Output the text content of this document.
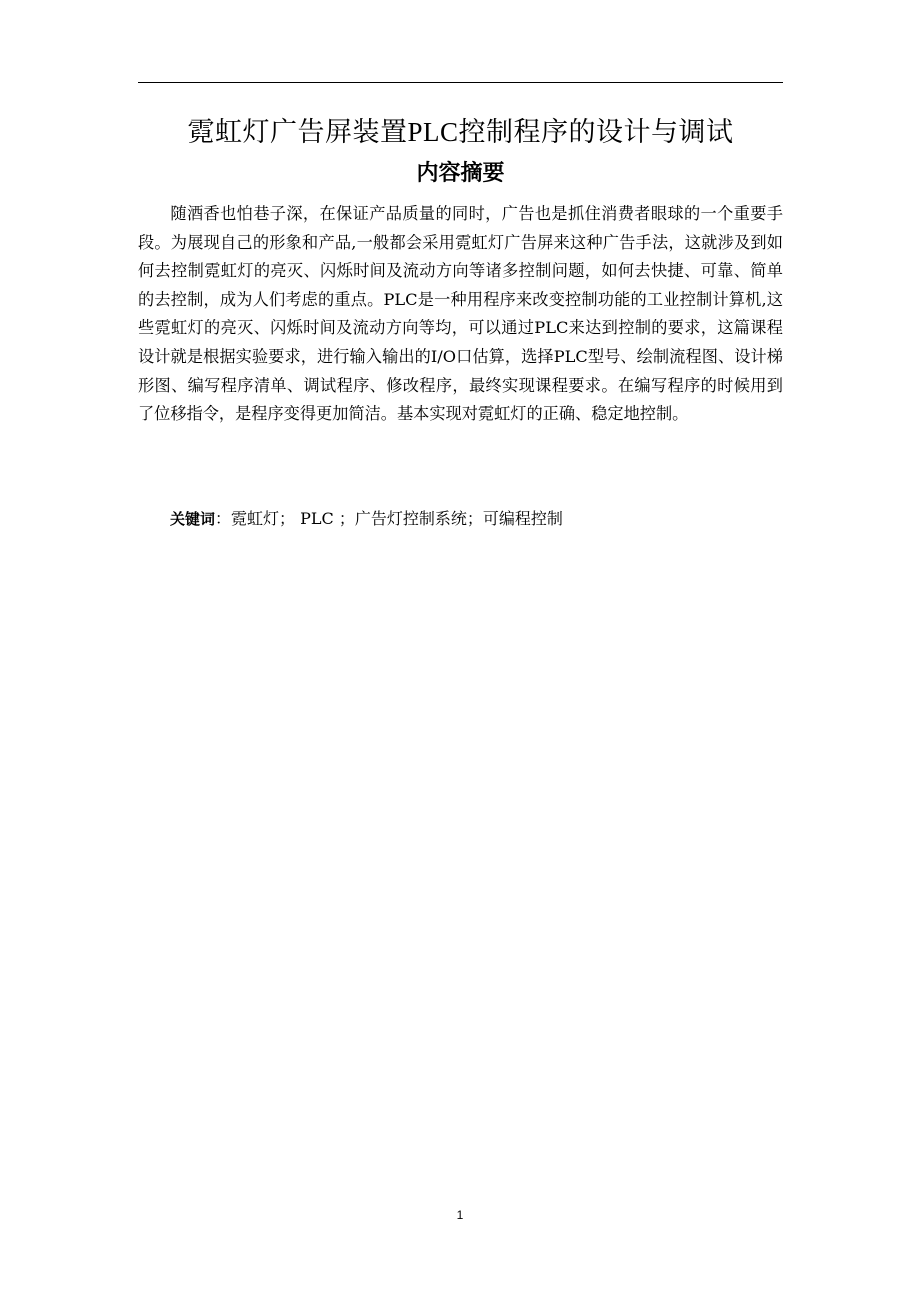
霓虹灯广告屏装置PLC控制程序的设计与调试
内容摘要

随酒香也怕巷子深，在保证产品质量的同时，广告也是抓住消费者眼球的一个重要手段。为展现自己的形象和产品,一般都会采用霓虹灯广告屏来这种广告手法，这就涉及到如何去控制霓虹灯的亮灭、闪烁时间及流动方向等诸多控制问题，如何去快捷、可靠、简单的去控制，成为人们考虑的重点。PLC是一种用程序来改变控制功能的工业控制计算机,这些霓虹灯的亮灭、闪烁时间及流动方向等均，可以通过PLC来达到控制的要求，这篇课程设计就是根据实验要求，进行输入输出的I/O口估算，选择PLC型号、绘制流程图、设计梯形图、编写程序清单、调试程序、修改程序，最终实现课程要求。在编写程序的时候用到了位移指令，是程序变得更加简洁。基本实现对霓虹灯的正确、稳定地控制。

关键词：霓虹灯； PLC ；广告灯控制系统；可编程控制
1
